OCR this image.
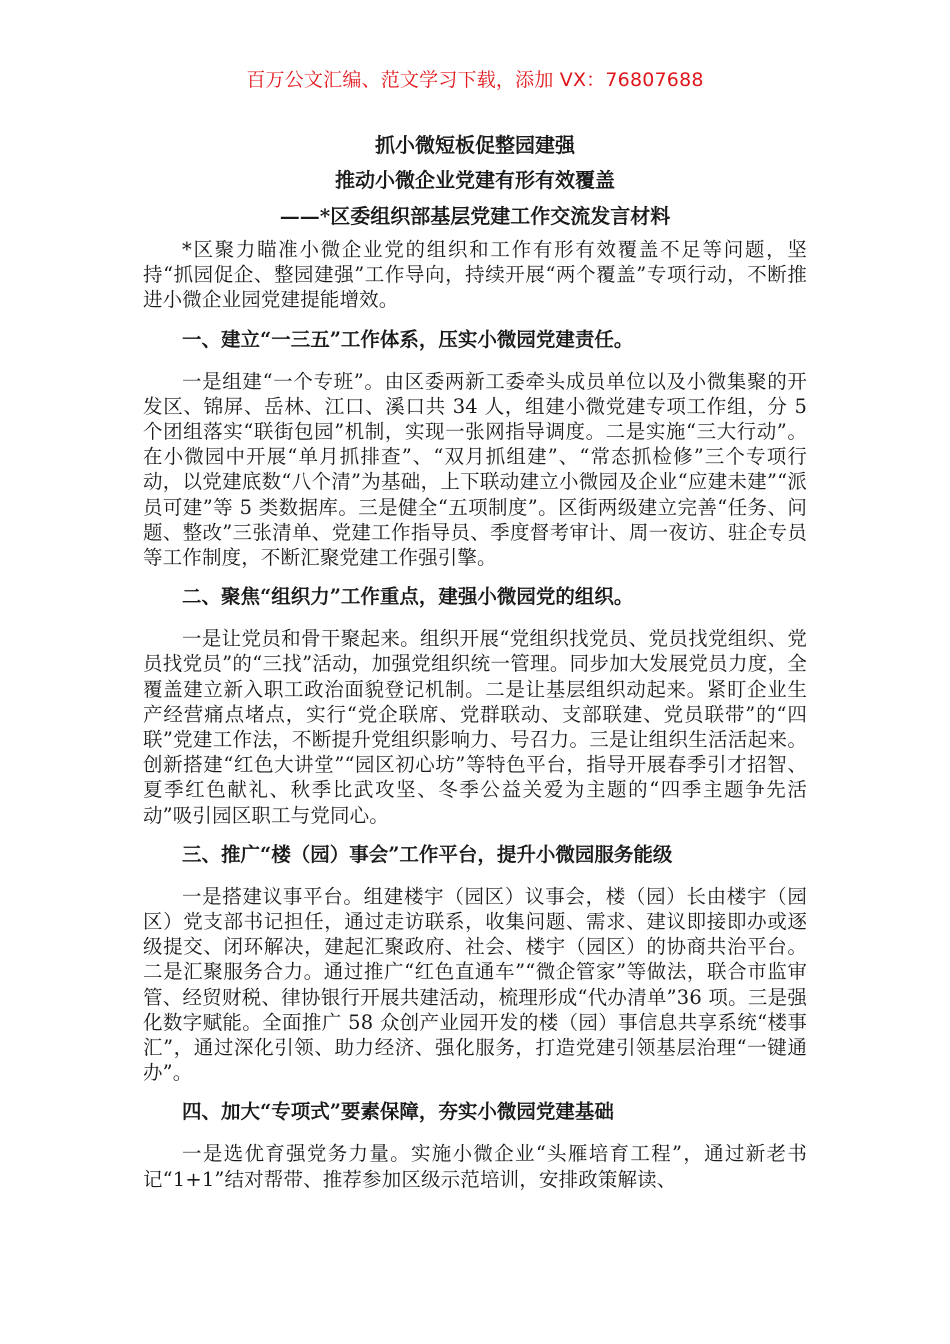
百万公文汇编、范文学习下载，添加 VX：76807688
抓小微短板促整园建强
推动小微企业党建有形有效覆盖
——*区委组织部基层党建工作交流发言材料

*区聚力瞄准小微企业党的组织和工作有形有效覆盖不足等问题，坚持“抓园促企、整园建强”工作导向，持续开展“两个覆盖”专项行动，不断推进小微企业园党建提能增效。

一、建立“一三五”工作体系，压实小微园党建责任。

一是组建“一个专班”。由区委两新工委牵头成员单位以及小微集聚的开发区、锦屏、岳林、江口、溪口共 34 人，组建小微党建专项工作组，分 5 个团组落实“联街包园”机制，实现一张网指导调度。二是实施“三大行动”。在小微园中开展“单月抓排查”、“双月抓组建”、“常态抓检修”三个专项行动，以党建底数“八个清”为基础，上下联动建立小微园及企业“应建未建”“派员可建”等 5 类数据库。三是健全“五项制度”。区街两级建立完善“任务、问题、整改”三张清单、党建工作指导员、季度督考审计、周一夜访、驻企专员等工作制度，不断汇聚党建工作强引擎。

二、聚焦“组织力”工作重点，建强小微园党的组织。

一是让党员和骨干聚起来。组织开展“党组织找党员、党员找党组织、党员找党员”的“三找”活动，加强党组织统一管理。同步加大发展党员力度，全覆盖建立新入职工政治面貌登记机制。二是让基层组织动起来。紧盯企业生产经营痛点堵点，实行“党企联席、党群联动、支部联建、党员联带”的“四联”党建工作法，不断提升党组织影响力、号召力。三是让组织生活活起来。创新搭建“红色大讲堂”“园区初心坊”等特色平台，指导开展春季引才招智、夏季红色献礼、秋季比武攻坚、冬季公益关爱为主题的“四季主题争先活动”吸引园区职工与党同心。

三、推广“楼（园）事会”工作平台，提升小微园服务能级

一是搭建议事平台。组建楼宇（园区）议事会，楼（园）长由楼宇（园区）党支部书记担任，通过走访联系，收集问题、需求、建议即接即办或逐级提交、闭环解决，建起汇聚政府、社会、楼宇（园区）的协商共治平台。二是汇聚服务合力。通过推广“红色直通车”“微企管家”等做法，联合市监审管、经贸财税、律协银行开展共建活动，梳理形成“代办清单”36 项。三是强化数字赋能。全面推广 58 众创产业园开发的楼（园）事信息共享系统“楼事汇”，通过深化引领、助力经济、强化服务，打造党建引领基层治理“一键通办”。

四、加大“专项式”要素保障，夯实小微园党建基础

一是选优育强党务力量。实施小微企业“头雁培育工程”，通过新老书记“1+1”结对帮带、推荐参加区级示范培训，安排政策解读、
